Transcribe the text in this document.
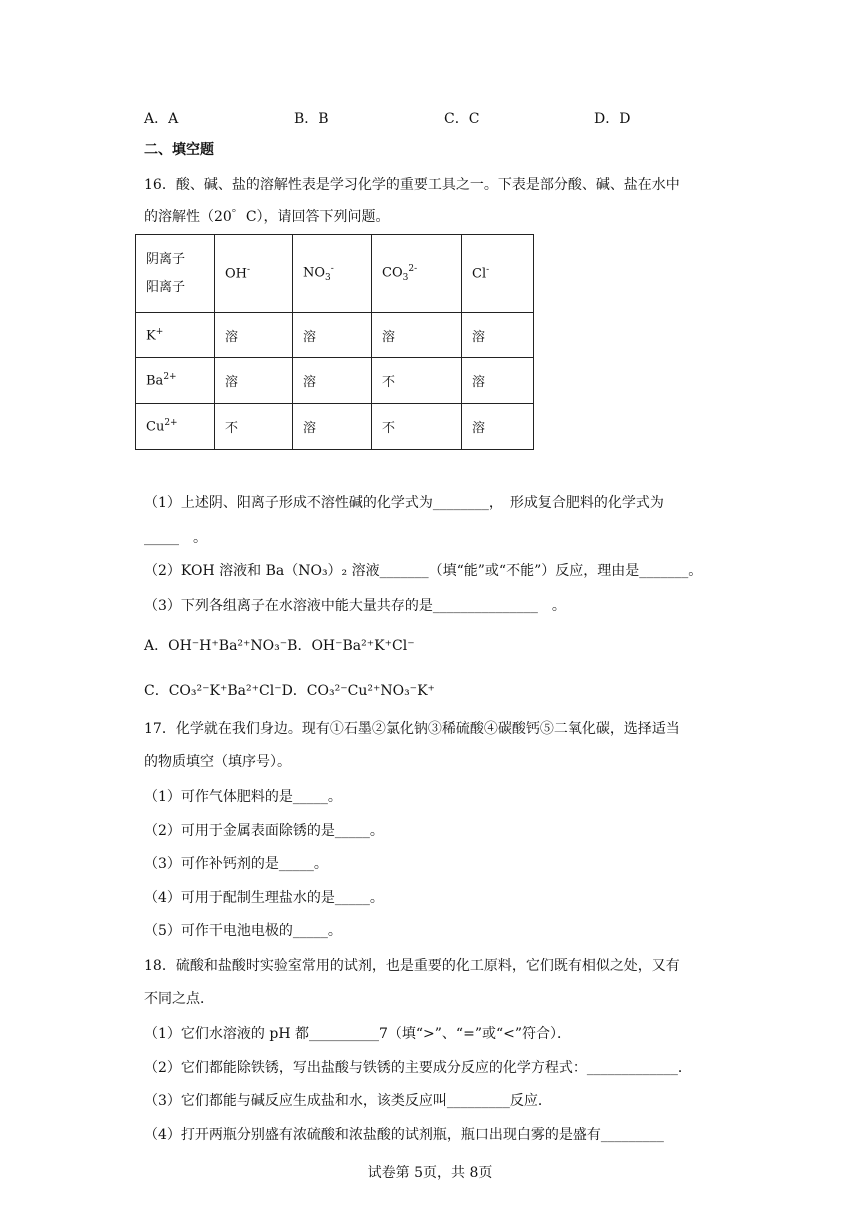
A．A	B．B	C．C	D．D
二、填空题
16．酸、碱、盐的溶解性表是学习化学的重要工具之一。下表是部分酸、碱、盐在水中
的溶解性（20゜C），请回答下列问题。
阴离子
阳离子	OH-	$NO_3^-$	$CO_3^{2-}$	Cl-
K+	溶	溶	溶	溶
$Ba^{2+}$	溶	溶	不	溶
$Cu^{2+}$	不	溶	不	溶
（1）上述阴、阳离子形成不溶性碱的化学式为________，　形成复合肥料的化学式为
_____　。
（2）KOH 溶液和 Ba（NO₃）₂ 溶液_______（填“能”或“不能”）反应，理由是_______。
（3）下列各组离子在水溶液中能大量共存的是_______________　。
A．OH⁻H⁺Ba²⁺NO₃⁻B．OH⁻Ba²⁺K⁺Cl⁻
C．CO₃²⁻K⁺Ba²⁺Cl⁻D．CO₃²⁻Cu²⁺NO₃⁻K⁺
17．化学就在我们身边。现有①石墨②氯化钠③稀硫酸④碳酸钙⑤二氧化碳，选择适当
的物质填空（填序号）。
（1）可作气体肥料的是_____。
（2）可用于金属表面除锈的是_____。
（3）可作补钙剂的是_____。
（4）可用于配制生理盐水的是_____。
（5）可作干电池电极的_____。
18．硫酸和盐酸时实验室常用的试剂，也是重要的化工原料，它们既有相似之处，又有
不同之点．
（1）它们水溶液的 pH 都__________7（填“>”、“=”或“<”符合）．
（2）它们都能除铁锈，写出盐酸与铁锈的主要成分反应的化学方程式：_____________．
（3）它们都能与碱反应生成盐和水，该类反应叫_________反应．
（4）打开两瓶分别盛有浓硫酸和浓盐酸的试剂瓶，瓶口出现白雾的是盛有_________
试卷第 5页，共 8页
